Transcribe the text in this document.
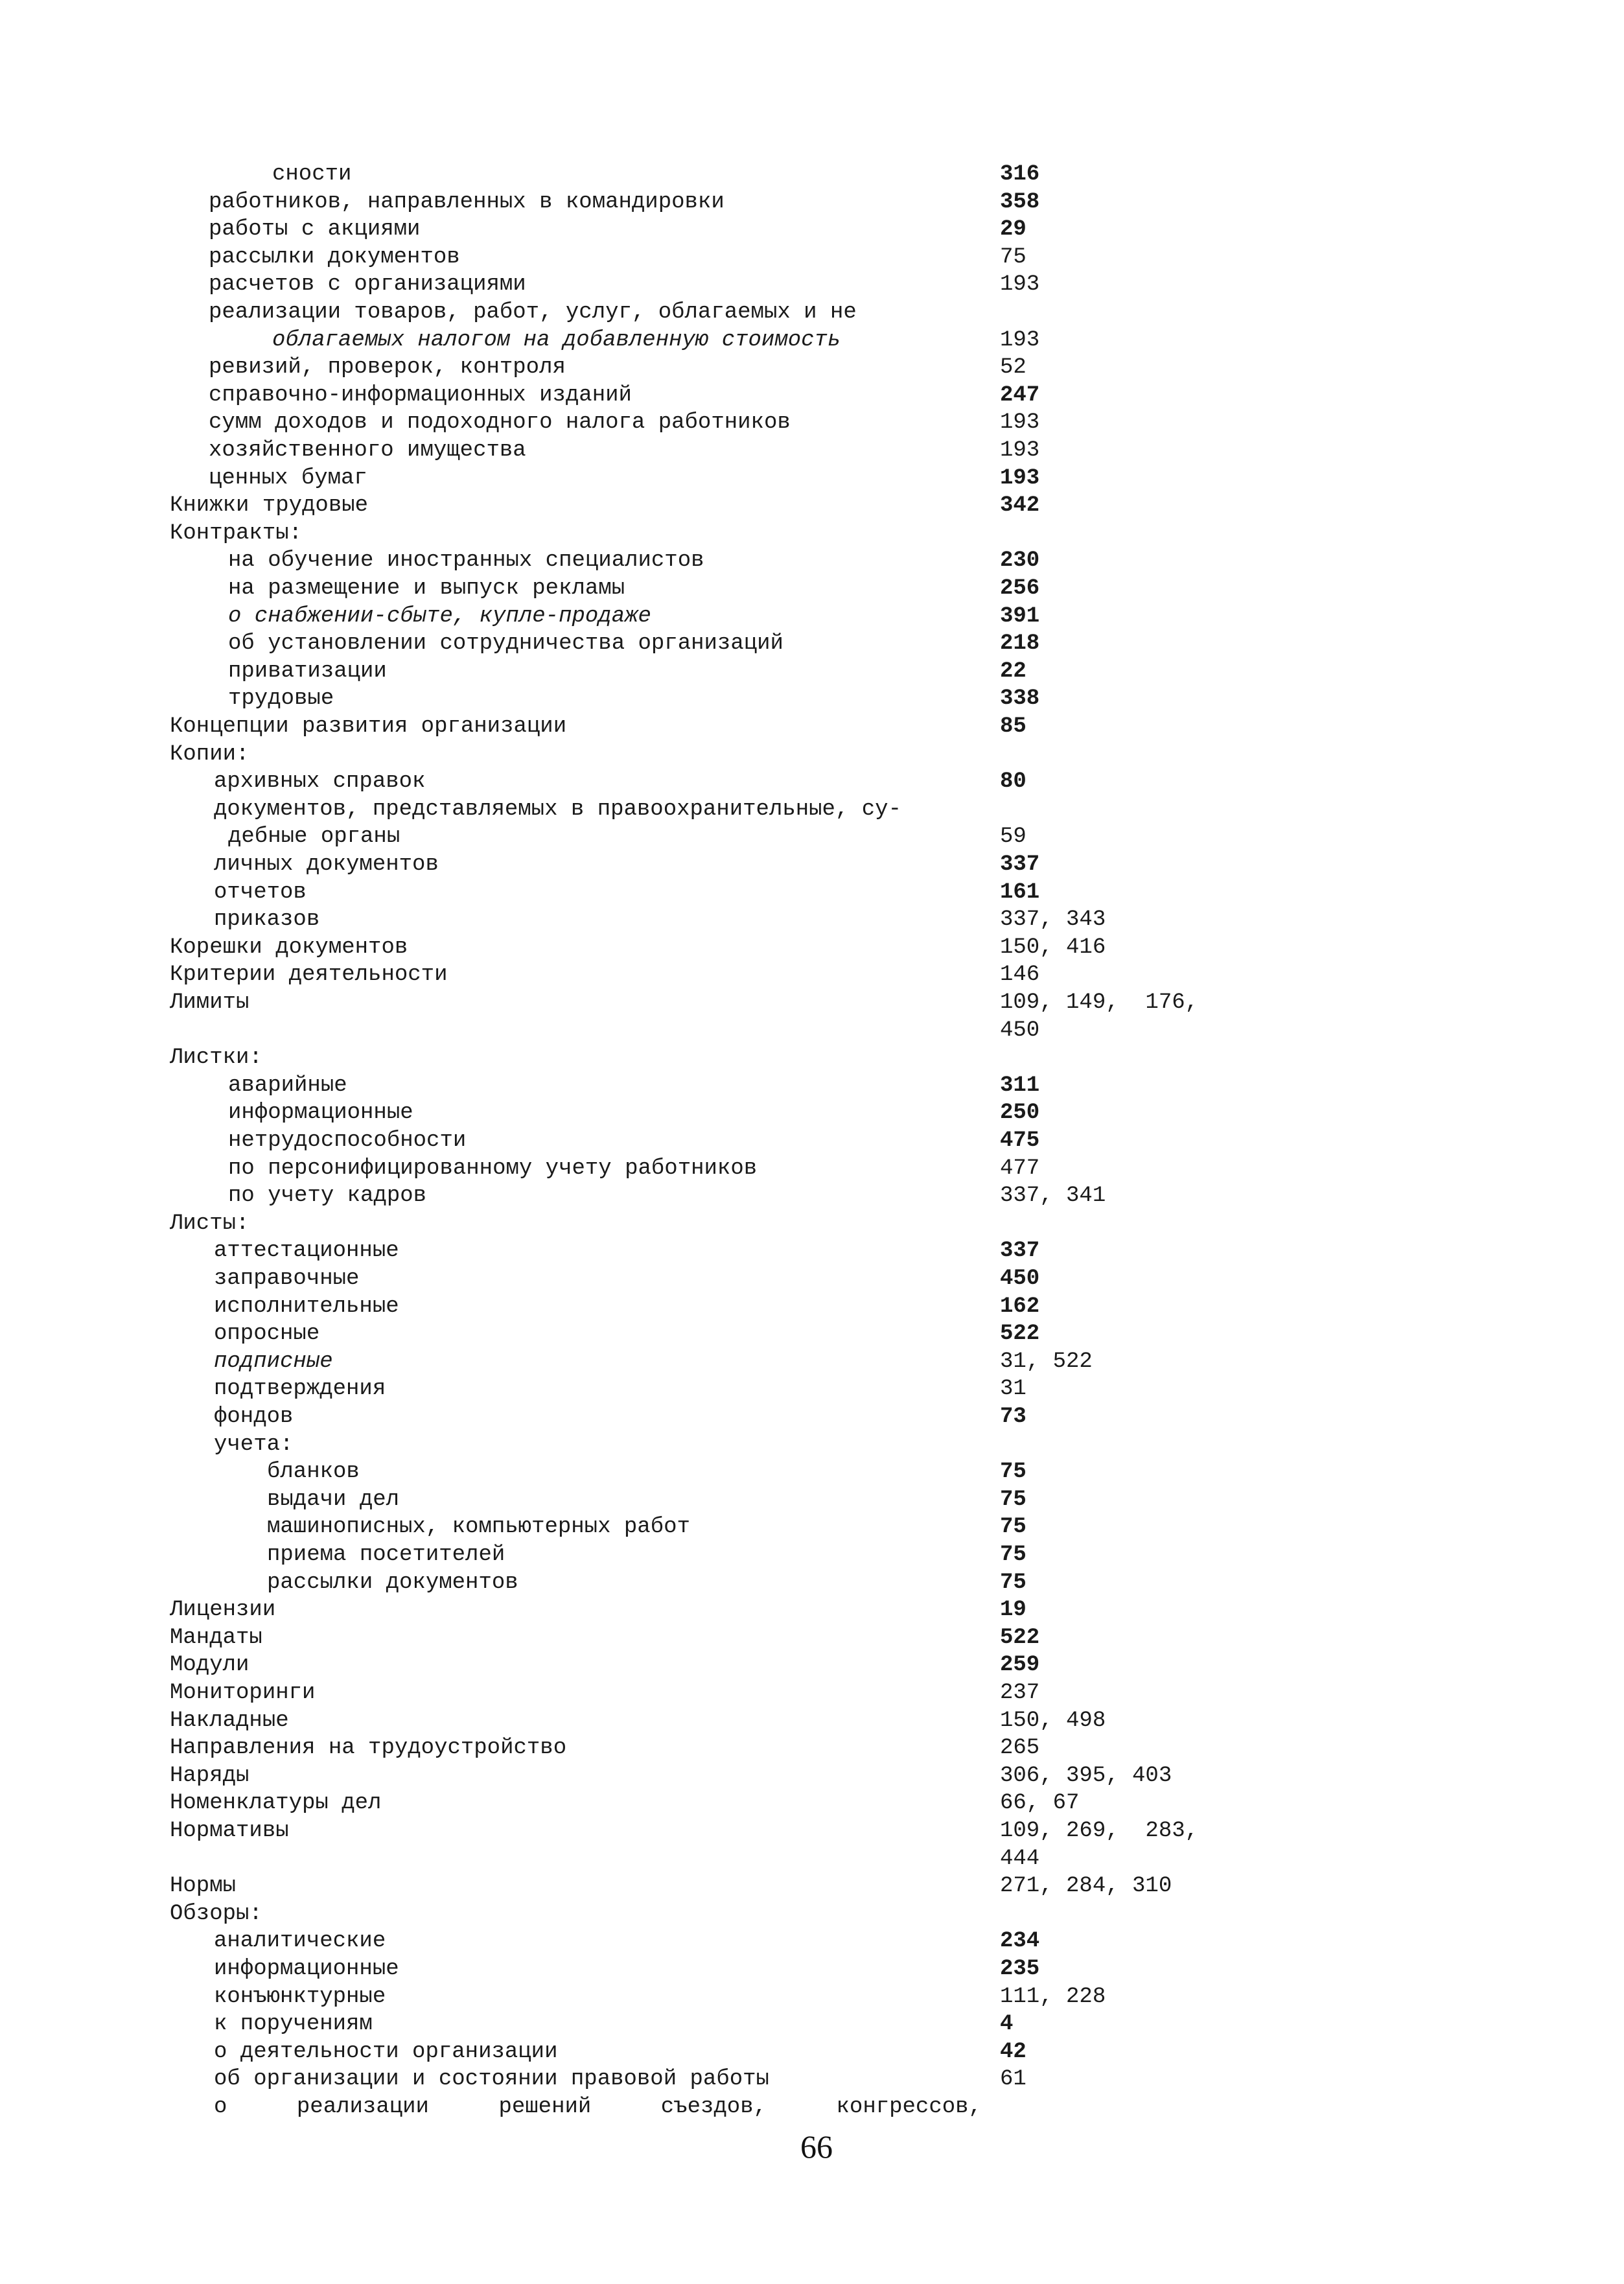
сности	316
работников, направленных в командировки	358
работы с акциями	29
рассылки документов	75
расчетов с организациями	193
реализации товаров, работ, услуг, облагаемых и не
облагаемых налогом на добавленную стоимость	193
ревизий, проверок, контроля	52
справочно-информационных изданий	247
сумм доходов и подоходного налога работников	193
хозяйственного имущества	193
ценных бумаг	193
Книжки трудовые	342
Контракты:
на обучение иностранных специалистов	230
на размещение и выпуск рекламы	256
о снабжении-сбыте, купле-продаже	391
об установлении сотрудничества организаций	218
приватизации	22
трудовые	338
Концепции развития организации	85
Копии:
архивных справок	80
документов, представляемых в правоохранительные, су-
дебные органы	59
личных документов	337
отчетов	161
приказов	337, 343
Корешки документов	150, 416
Критерии деятельности	146
Лимиты	109, 149,  176,
450
Листки:
аварийные	311
информационные	250
нетрудоспособности	475
по персонифицированному учету работников	477
по учету кадров	337, 341
Листы:
аттестационные	337
заправочные	450
исполнительные	162
опросные	522
подписные	31, 522
подтверждения	31
фондов	73
учета:
бланков	75
выдачи дел	75
машинописных, компьютерных работ	75
приема посетителей	75
рассылки документов	75
Лицензии	19
Мандаты	522
Модули	259
Мониторинги	237
Накладные	150, 498
Направления на трудоустройство	265
Наряды	306, 395, 403
Номенклатуры дел	66, 67
Нормативы	109, 269,  283,
444
Нормы	271, 284, 310
Обзоры:
аналитические	234
информационные	235
конъюнктурные	111, 228
к поручениям	4
о деятельности организации	42
об организации и состоянии правовой работы	61
о	реализации	решений	съездов,	конгрессов,
66
